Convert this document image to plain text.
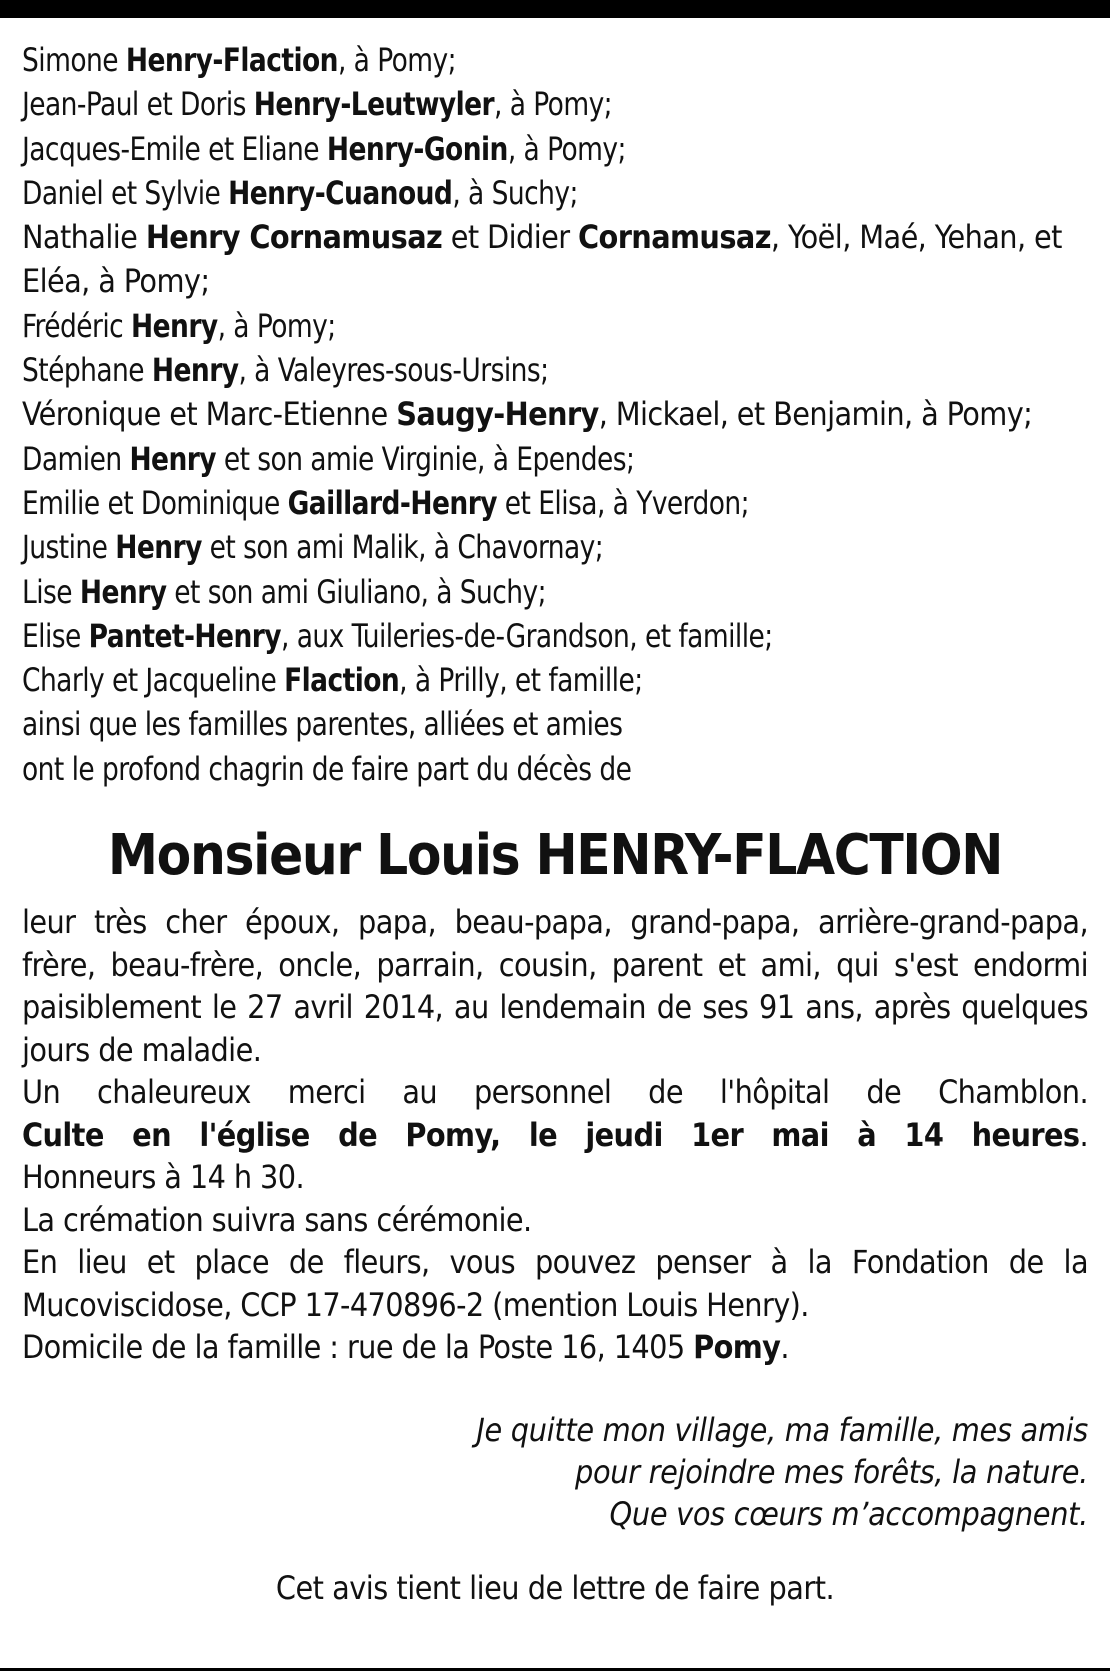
Simone Henry-Flaction, à Pomy;
Jean-Paul et Doris Henry-Leutwyler, à Pomy;
Jacques-Emile et Eliane Henry-Gonin, à Pomy;
Daniel et Sylvie Henry-Cuanoud, à Suchy;
Nathalie Henry Cornamusaz et Didier Cornamusaz, Yoël, Maé, Yehan, et Eléa, à Pomy;
Frédéric Henry, à Pomy;
Stéphane Henry, à Valeyres-sous-Ursins;
Véronique et Marc-Etienne Saugy-Henry, Mickael, et Benjamin, à Pomy;
Damien Henry et son amie Virginie, à Ependes;
Emilie et Dominique Gaillard-Henry et Elisa, à Yverdon;
Justine Henry et son ami Malik, à Chavornay;
Lise Henry et son ami Giuliano, à Suchy;
Elise Pantet-Henry, aux Tuileries-de-Grandson, et famille;
Charly et Jacqueline Flaction, à Prilly, et famille;
ainsi que les familles parentes, alliées et amies
ont le profond chagrin de faire part du décès de
Monsieur Louis HENRY-FLACTION

leur très cher époux, papa, beau-papa, grand-papa, arrière-grand-papa, frère, beau-frère, oncle, parrain, cousin, parent et ami, qui s'est endormi paisiblement le 27 avril 2014, au lendemain de ses 91 ans, après quelques jours de maladie.

Un chaleureux merci au personnel de l'hôpital de Chamblon.

Culte en l'église de Pomy, le jeudi 1er mai à 14 heures.

Honneurs à 14 h 30.

La crémation suivra sans cérémonie.

En lieu et place de fleurs, vous pouvez penser à la Fondation de la Mucoviscidose, CCP 17-470896-2 (mention Louis Henry).

Domicile de la famille : rue de la Poste 16, 1405 Pomy.

Je quitte mon village, ma famille, mes amis
pour rejoindre mes forêts, la nature.
Que vos cœurs m’accompagnent.
Cet avis tient lieu de lettre de faire part.
